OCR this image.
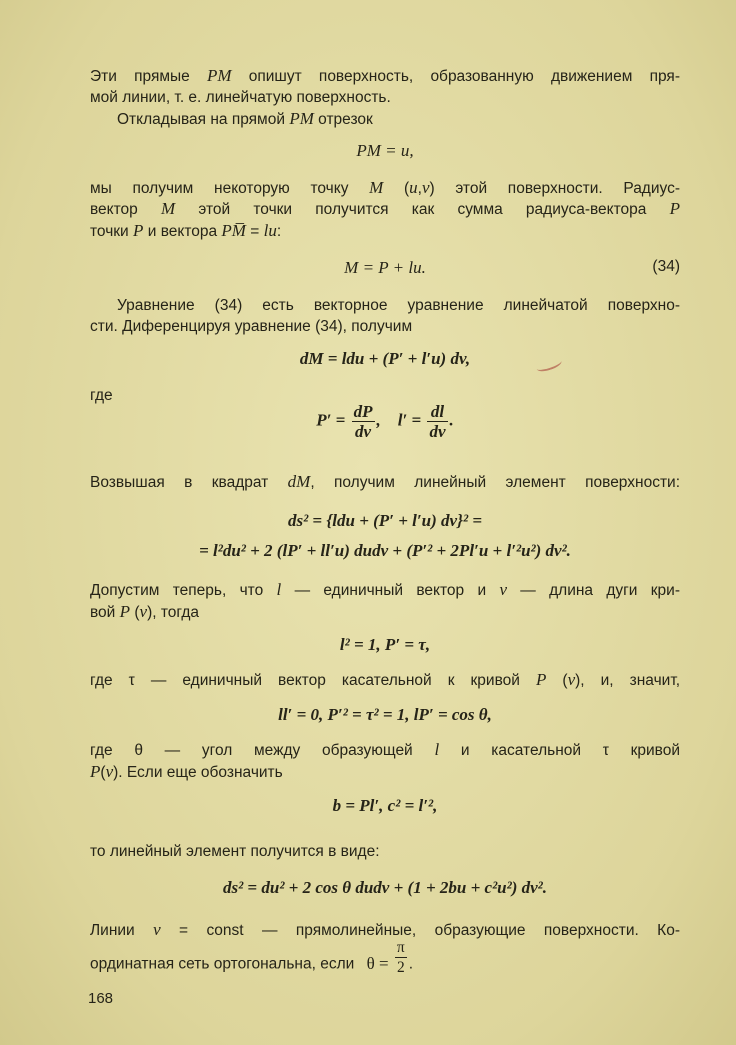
Эти прямые PM опишут поверхность, образованную движением пря-
мой линии, т. е. линейчатую поверхность.
Откладывая на прямой PM отрезок
PM = u,
мы получим некоторую точку M (u,v) этой поверхности. Радиус-
вектор M этой точки получится как сумма радиуса-вектора P
точки P и вектора PM̅ = lu:
M = P + lu.	(34)
Уравнение (34) есть векторное уравнение линейчатой поверхно-
сти. Диференцируя уравнение (34), получим
dM = ldu + (P′ + l′u) dv,
где
$P' = \frac{dP}{dv}$ ,    $l' = \frac{dl}{dv}$ .
Возвышая в квадрат dM, получим линейный элемент поверхности:
ds² = {ldu + (P′ + l′u) dv}² =
= l²du² + 2 (lP′ + ll′u) dudv + (P′² + 2Pl′u + l′²u²) dv².
Допустим теперь, что l — единичный вектор и v — длина дуги кри-
вой P (v), тогда
l² = 1, P′ = τ,
где τ — единичный вектор касательной к кривой P (v), и, значит,
ll′ = 0, P′² = τ² = 1, lP′ = cos θ,
где θ — угол между образующей l и касательной τ кривой
P(v). Если еще обозначить
b = Pl′, c² = l′²,
то линейный элемент получится в виде:
ds² = du² + 2 cos θ dudv + (1 + 2bu + c²u²) dv².
Линии v = const — прямолинейные, образующие поверхности. Ко-
ординатная сеть ортогональна, если $\theta = \frac{\pi}{2}$ .
168
